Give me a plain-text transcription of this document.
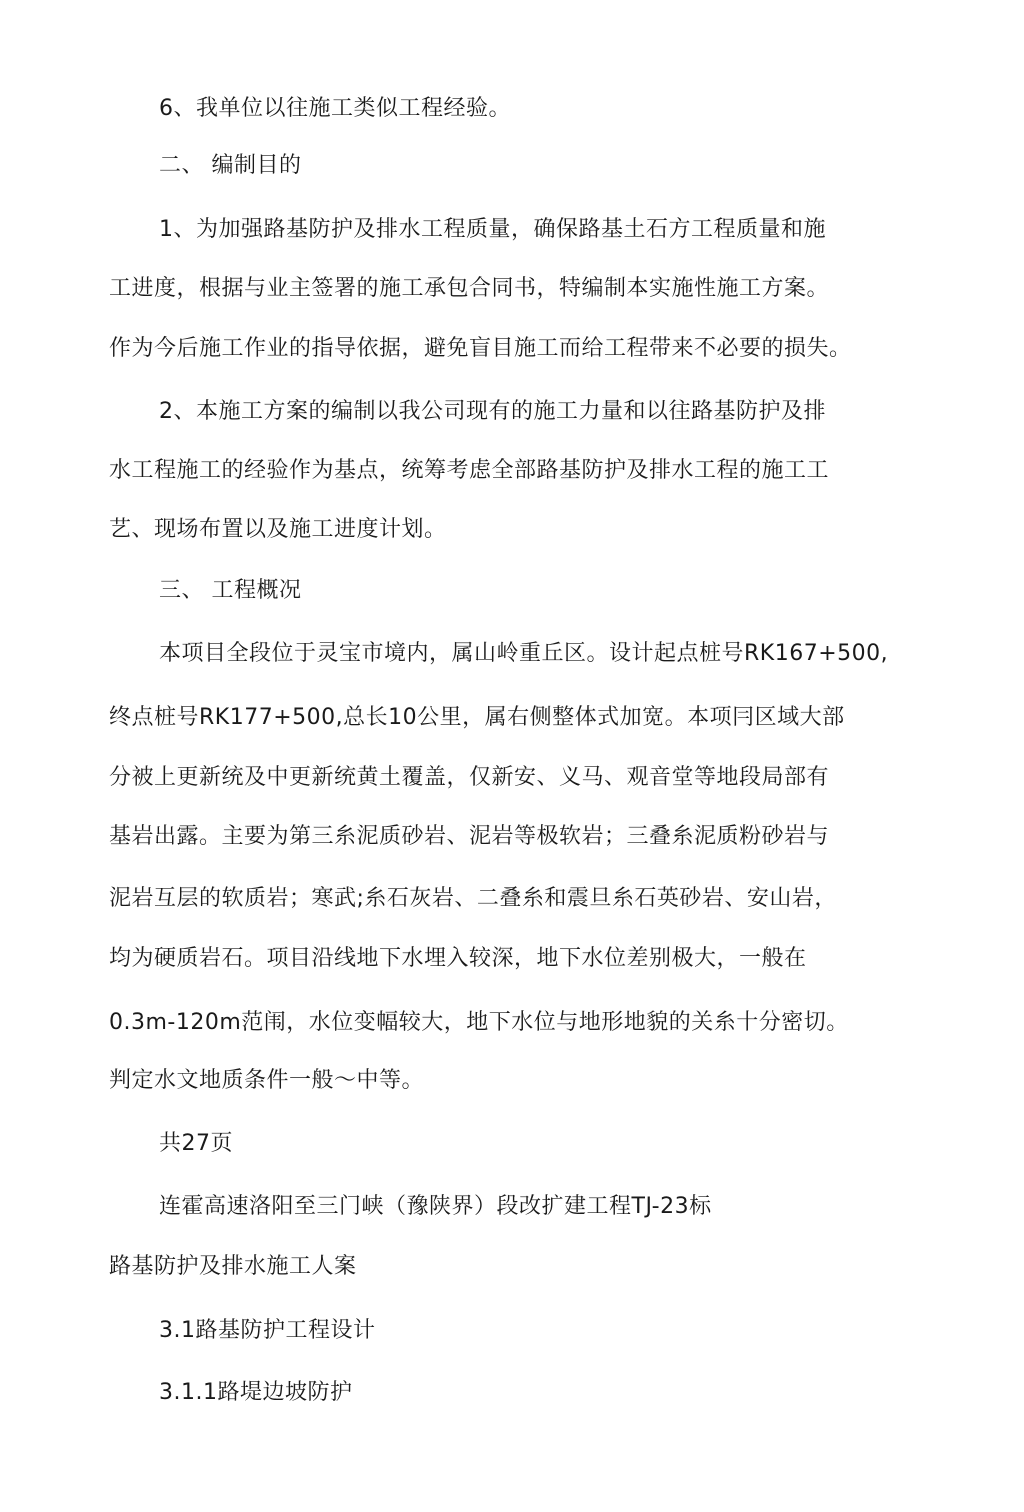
6、我单位以往施工类似工程经验。
二、 编制目的
1、为加强路基防护及排水工程质量，确保路基土石方工程质量和施
工进度，根据与业主签署的施工承包合同书，特编制本实施性施工方案。
作为今后施工作业的指导依据，避免盲目施工而给工程带来不必要的损失。
2、本施工方案的编制以我公司现有的施工力量和以往路基防护及排
水工程施工的经验作为基点，统筹考虑全部路基防护及排水工程的施工工
艺、现场布置以及施工进度计划。
三、 工程概况
本项目全段位于灵宝市境内，属山岭重丘区。设计起点桩号RK167+500,
终点桩号RK177+500,总长10公里，属右侧整体式加宽。本项冃区域大部
分被上更新统及中更新统黄土覆盖，仅新安、义马、观音堂等地段局部有
基岩出露。主要为第三糸泥质砂岩、泥岩等极软岩；三叠糸泥质粉砂岩与
泥岩互层的软质岩；寒武;糸石灰岩、二叠糸和震旦糸石英砂岩、安山岩，
均为硬质岩石。项目沿线地下水埋入较深，地下水位差别极大，一般在
0.3m-120m范闱，水位变幅较大，地下水位与地形地貌的关糸十分密切。
判定水文地质条件一般～中等。
共27页
连霍高速洛阳至三门峡（豫陕界）段改扩建工程TJ-23标
路基防护及排水施工人案
3.1路基防护工程设计
3.1.1路堤边坡防护
